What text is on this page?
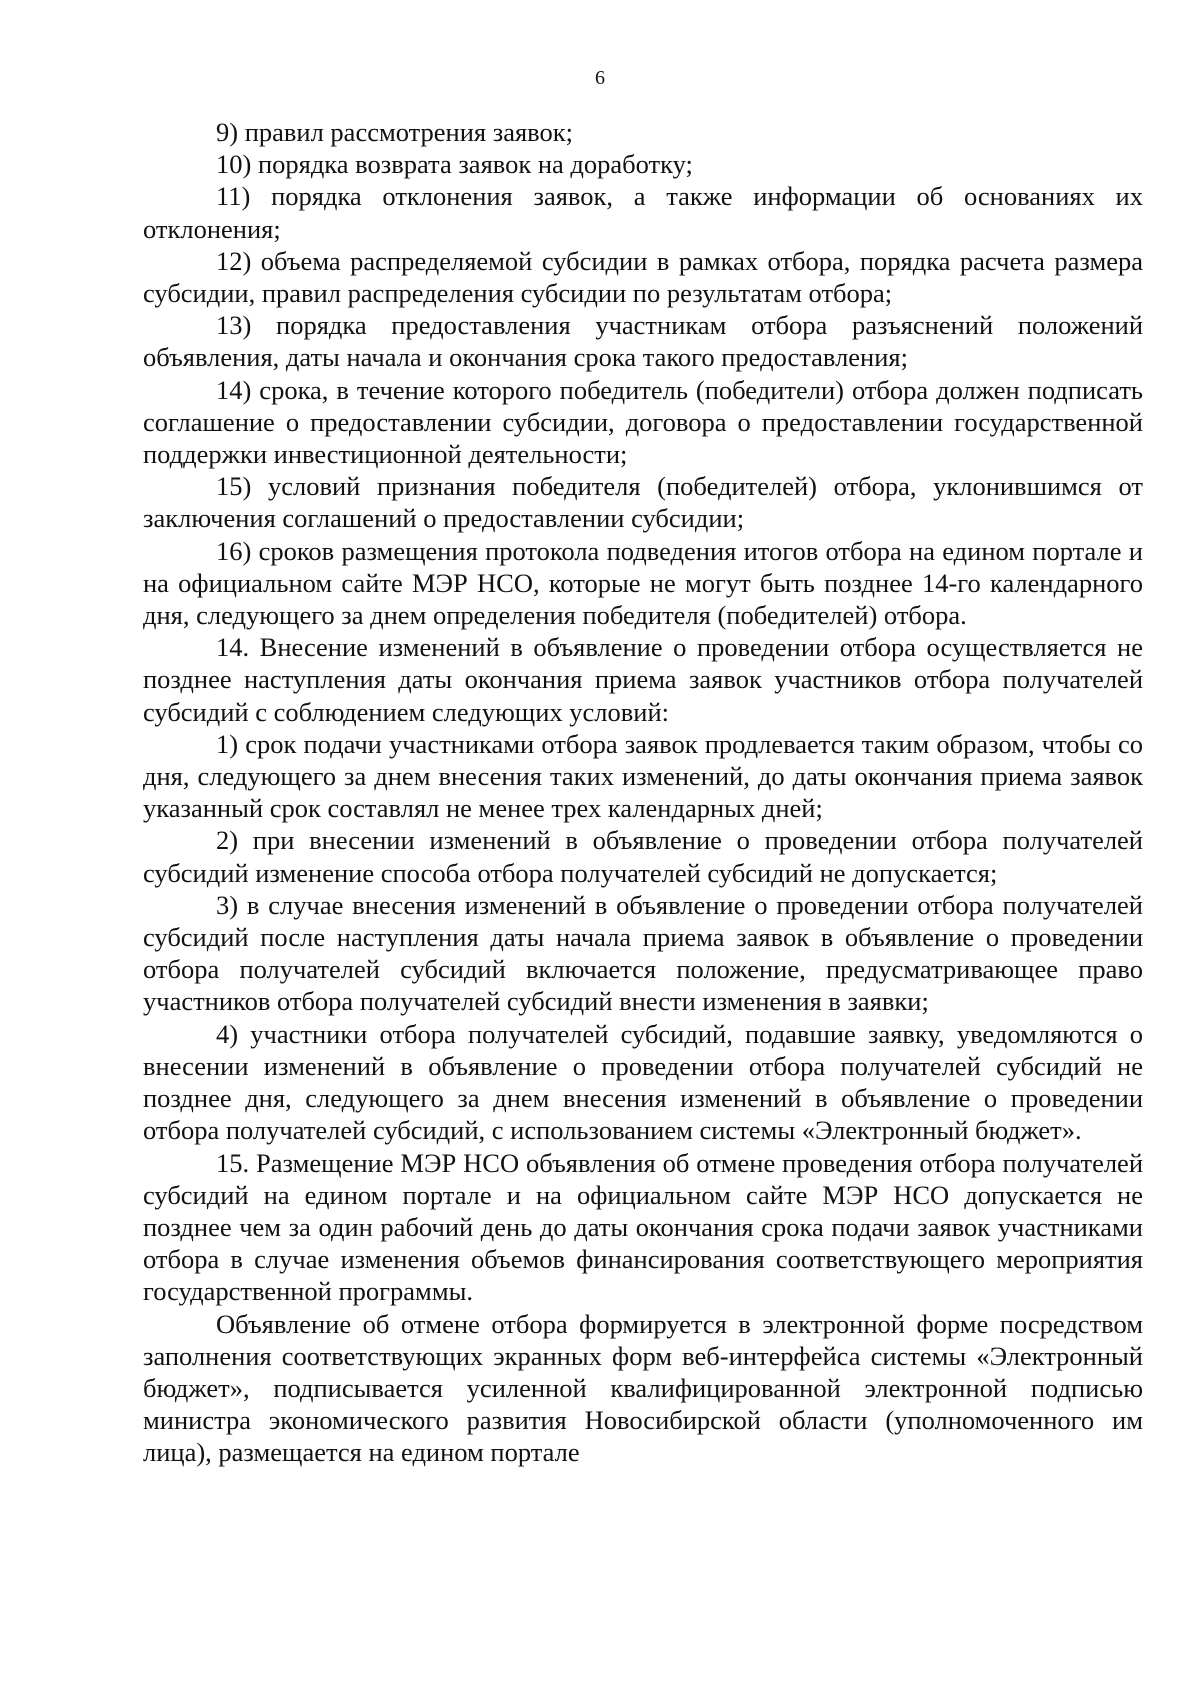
6

9) правил рассмотрения заявок;

10) порядка возврата заявок на доработку;

11) порядка отклонения заявок, а также информации об основаниях их отклонения;

12) объема распределяемой субсидии в рамках отбора, порядка расчета размера субсидии, правил распределения субсидии по результатам отбора;

13) порядка предоставления участникам отбора разъяснений положений объявления, даты начала и окончания срока такого предоставления;

14) срока, в течение которого победитель (победители) отбора должен подписать соглашение о предоставлении субсидии, договора о предоставлении государственной поддержки инвестиционной деятельности;

15) условий признания победителя (победителей) отбора, уклонившимся от заключения соглашений о предоставлении субсидии;

16) сроков размещения протокола подведения итогов отбора на едином портале и на официальном сайте МЭР НСО, которые не могут быть позднее 14-го календарного дня, следующего за днем определения победителя (победителей) отбора.

14. Внесение изменений в объявление о проведении отбора осуществляется не позднее наступления даты окончания приема заявок участников отбора получателей субсидий с соблюдением следующих условий:

1) срок подачи участниками отбора заявок продлевается таким образом, чтобы со дня, следующего за днем внесения таких изменений, до даты окончания приема заявок указанный срок составлял не менее трех календарных дней;

2) при внесении изменений в объявление о проведении отбора получателей субсидий изменение способа отбора получателей субсидий не допускается;

3) в случае внесения изменений в объявление о проведении отбора получателей субсидий после наступления даты начала приема заявок в объявление о проведении отбора получателей субсидий включается положение, предусматривающее право участников отбора получателей субсидий внести изменения в заявки;

4) участники отбора получателей субсидий, подавшие заявку, уведомляются о внесении изменений в объявление о проведении отбора получателей субсидий не позднее дня, следующего за днем внесения изменений в объявление о проведении отбора получателей субсидий, с использованием системы «Электронный бюджет».

15. Размещение МЭР НСО объявления об отмене проведения отбора получателей субсидий на едином портале и на официальном сайте МЭР НСО допускается не позднее чем за один рабочий день до даты окончания срока подачи заявок участниками отбора в случае изменения объемов финансирования соответствующего мероприятия государственной программы.

Объявление об отмене отбора формируется в электронной форме посредством заполнения соответствующих экранных форм веб-интерфейса системы «Электронный бюджет», подписывается усиленной квалифицированной электронной подписью министра экономического развития Новосибирской области (уполномоченного им лица), размещается на едином портале
